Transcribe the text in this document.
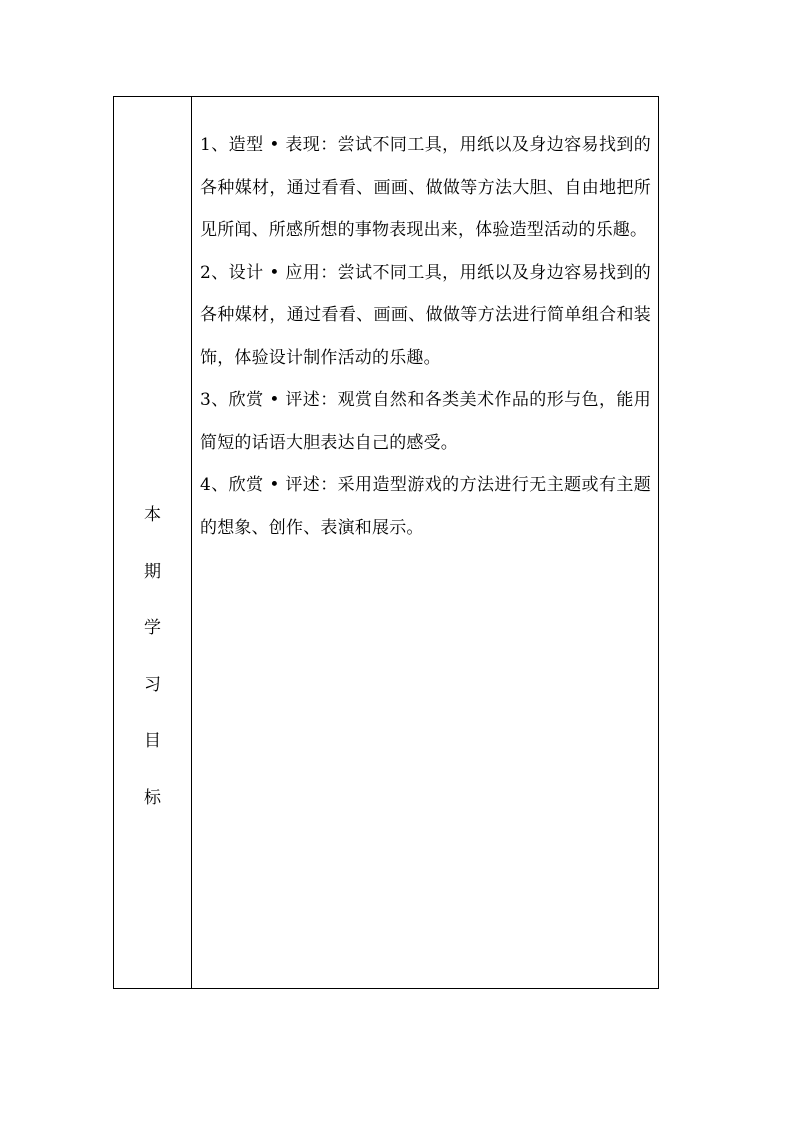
本
期
学
习
目
标

1、造型 • 表现：尝试不同工具，用纸以及身边容易找到的各种媒材，通过看看、画画、做做等方法大胆、自由地把所见所闻、所感所想的事物表现出来，体验造型活动的乐趣。

2、设计 • 应用：尝试不同工具，用纸以及身边容易找到的各种媒材，通过看看、画画、做做等方法进行简单组合和装饰，体验设计制作活动的乐趣。

3、欣赏 • 评述：观赏自然和各类美术作品的形与色，能用简短的话语大胆表达自己的感受。

4、欣赏 • 评述：采用造型游戏的方法进行无主题或有主题的想象、创作、表演和展示。
